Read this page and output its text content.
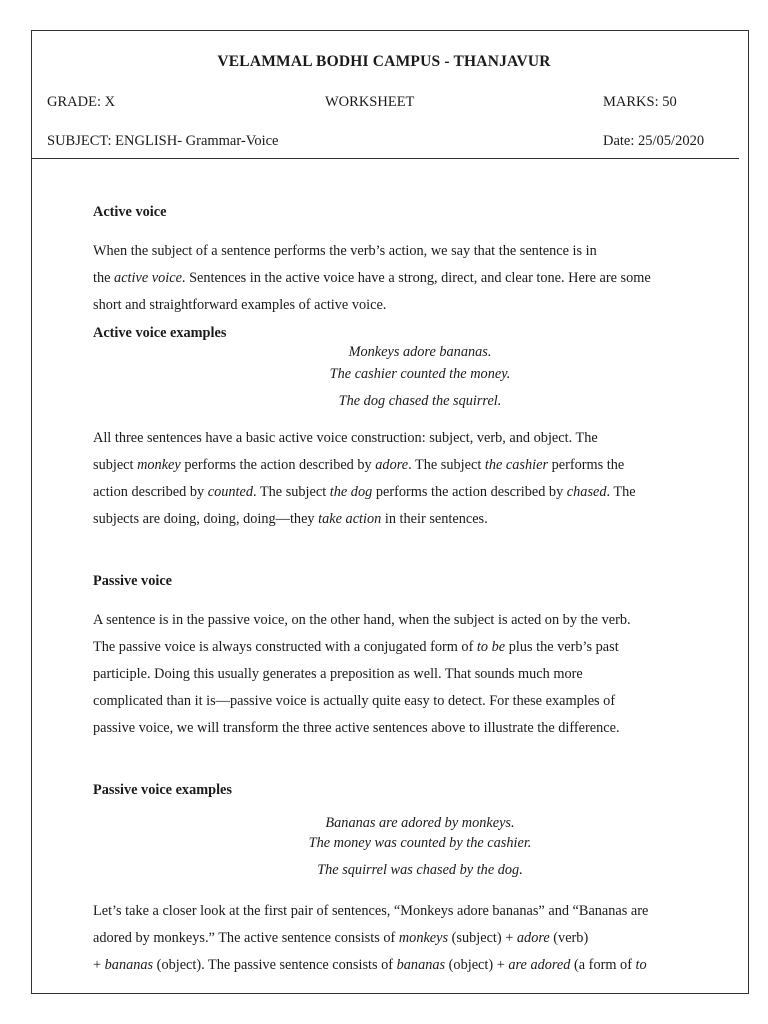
VELAMMAL BODHI CAMPUS - THANJAVUR
GRADE: X	WORKSHEET	MARKS: 50
SUBJECT: ENGLISH- Grammar-Voice	Date: 25/05/2020
Active voice
When the subject of a sentence performs the verb’s action, we say that the sentence is in
the active voice. Sentences in the active voice have a strong, direct, and clear tone. Here are some
short and straightforward examples of active voice.
Active voice examples
Monkeys adore bananas.
The cashier counted the money.
The dog chased the squirrel.
All three sentences have a basic active voice construction: subject, verb, and object. The
subject monkey performs the action described by adore. The subject the cashier performs the
action described by counted. The subject the dog performs the action described by chased. The
subjects are doing, doing, doing—they take action in their sentences.
Passive voice
A sentence is in the passive voice, on the other hand, when the subject is acted on by the verb.
The passive voice is always constructed with a conjugated form of to be plus the verb’s past
participle. Doing this usually generates a preposition as well. That sounds much more
complicated than it is—passive voice is actually quite easy to detect. For these examples of
passive voice, we will transform the three active sentences above to illustrate the difference.
Passive voice examples
Bananas are adored by monkeys.
The money was counted by the cashier.
The squirrel was chased by the dog.
Let’s take a closer look at the first pair of sentences, “Monkeys adore bananas” and “Bananas are
adored by monkeys.” The active sentence consists of monkeys (subject) + adore (verb)
+ bananas (object). The passive sentence consists of bananas (object) + are adored (a form of to
